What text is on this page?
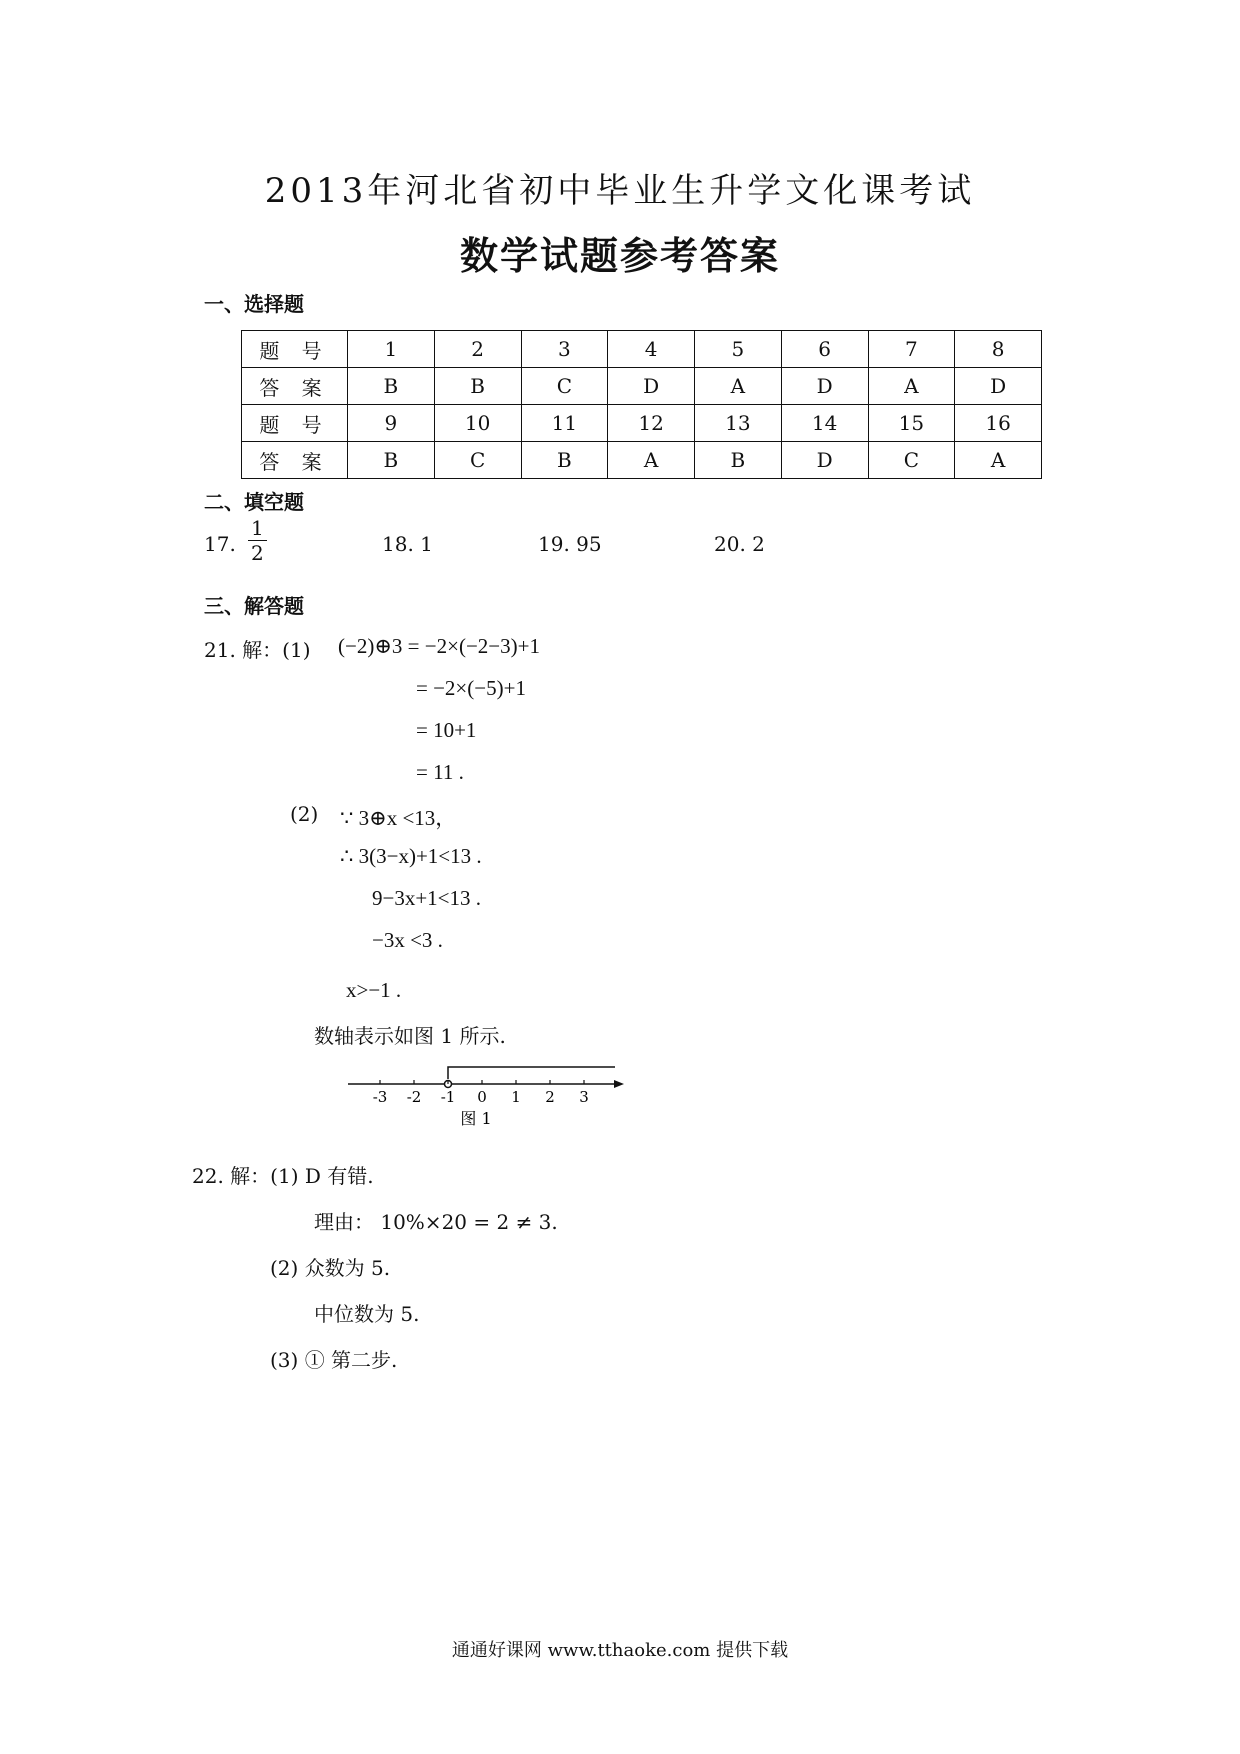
2013年河北省初中毕业生升学文化课考试
数学试题参考答案
一、选择题
题 号	1	2	3	4	5	6	7	8
答 案	B	B	C	D	A	D	A	D
题 号	9	10	11	12	13	14	15	16
答 案	B	C	B	A	B	D	C	A
二、填空题
17. $\frac{1}{2}$	18. 1	19. 95	20. 2
三、解答题
21. 解：(1) (−2)⊕3 = −2×(−2−3)+1
= −2×(−5)+1
= 10+1
= 11 .
(2) ∵ 3⊕x <13，
∴ 3(3−x)+1<13 .
9−3x+1<13 .
−3x <3 .
x>−1 .
数轴表示如图 1 所示.
-3 -2 -1 0 1 2 3
图 1
22. 解：(1) D 有错.
理由： 10%×20 = 2 ≠ 3.
(2) 众数为 5.
中位数为 5.
(3) ① 第二步.
通通好课网 www.tthaoke.com 提供下载
